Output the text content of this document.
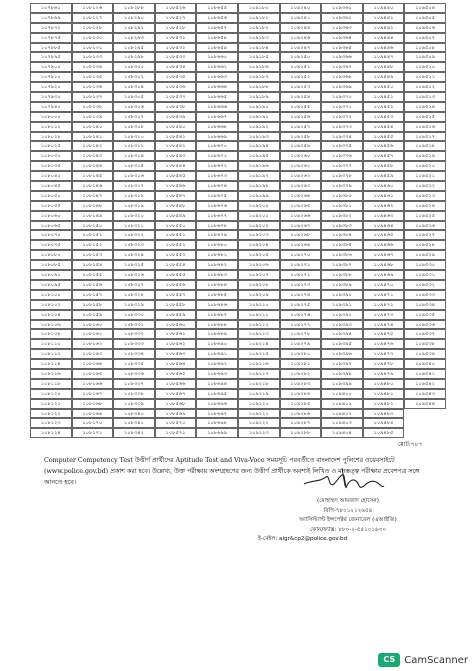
১০৭৮৬১	১০৮১২৬	১০৮২৮৮	১০৮৫২৬	১০৮৬৫৫	১০৯১৮০	১০৯২৪০	১০৯৩৬১	১০৯৪৪০	১০৯৫০৪
১০৭৮৬৯	১০৮১২৭	১০৮২৯০	১০৮৫২৭	১০৮৬৫৬	১০৯১৮১	১০৯২৪১	১০৯৩৬২	১০৯৪৪১	১০৯৫০৫
১০৭৮৭২	১০৮১২৮	১০৮২৯১	১০৮৫২৮	১০৮৬৫৭	১০৯১৮২	১০৯২৪৪	১০৯৩৬৩	১০৯৪৪২	১০৯৫০৬
১০৭৮৭৫	১০৮১৩০	১০৮২৯৩	১০৮৫৩১	১০৮৬৫৮	১০৯১৮৩	১০৯২৪৬	১০৯৩৬৪	১০৯৪৪৪	১০৯৫০৭
১০৭৮৮৫	১০৮১৩১	১০৮২৯৫	১০৮৫৩২	১০৮৬৫৯	১০৯১৮৪	১০৯২৪৭	১০৯৩৬৫	১০৯৪৪৬	১০৯৫০৮
১০৭৮৯৫	১০৮১৩৩	১০৮২৯৮	১০৮৫৩৩	১০৮৬৬০	১০৯১৮৫	১০৯২৫০	১০৯৩৬৬	১০৯৪৪৭	১০৯৫০৯
১০৭৯০০	১০৮১৩৪	১০৮৩০০	১০৮৫৩৪	১০৮৬৬২	১০৯১৮৬	১০৯২৫১	১০৯৩৬৭	১০৯৪৪৮	১০৯৫১০
১০৭৯১০	১০৮১৩৫	১০৮৩০২	১০৮৫৩৫	১০৮৬৬৩	১০৯১৮৭	১০৯২৫২	১০৯৩৬৮	১০৯৪৪৯	১০৯৫১১
১০৭৯২০	১০৮১৩৬	১০৮৩০৪	১০৮৫৩৬	১০৮৬৬৪	১০৯১৮৮	১০৯২৫৩	১০৯৩৬৯	১০৯৪৫০	১০৯৫১২
১০৭৯৩০	১০৮১৩৭	১০৮৩০৫	১০৮৫৩৭	১০৮৬৬৫	১০৯১৮৯	১০৯২৫৪	১০৯৩৭০	১০৯৪৫১	১০৯৫১৩
১০৭৯৪০	১০৮১৩৮	১০৮৩০৬	১০৮৫৩৮	১০৮৬৬৬	১০৯১৯০	১০৯২৫৫	১০৯৩৭১	১০৯৪৫২	১০৯৫১৪
১০৮০০০	১০৮১৩৯	১০৮৩০৭	১০৮৫৩৯	১০৮৬৬৭	১০৯১৯১	১০৯২৫৬	১০৯৩৭২	১০৯৪৫৩	১০৯৫১৫
১০৮০১২	১০৮১৪০	১০৮৩০৮	১০৮৫৪০	১০৮৬৬৮	১০৯১৯২	১০৯২৫৭	১০৯৩৭৩	১০৯৪৫৪	১০৯৫১৬
১০৮০১৮	১০৮১৪১	১০৮৩১০	১০৮৫৪১	১০৮৬৬৯	১০৯১৯৩	১০৯২৫৮	১০৯৩৭৪	১০৯৪৫৫	১০৯৫১৭
১০৮০২৫	১০৮১৪২	১০৮৩১২	১০৮৫৪২	১০৮৬৭০	১০৯১৯৪	১০৯২৫৯	১০৯৩৭৫	১০৯৪৫৬	১০৯৫১৮
১০৮০৩০	১০৮১৪৩	১০৮৩১৪	১০৮৫৪৩	১০৮৬৭১	১০৯১৯৫	১০৯২৬০	১০৯৩৭৬	১০৯৪৫৭	১০৯৫১৯
১০৮০৩৫	১০৮১৪৪	১০৮৩১৫	১০৮৫৪৪	১০৮৬৭২	১০৯১৯৬	১০৯২৬১	১০৯৩৭৭	১০৯৪৫৮	১০৯৫২০
১০৮০৪০	১০৮১৪৫	১০৮৩১৬	১০৮৫৪৫	১০৮৬৭৩	১০৯১৯৭	১০৯২৬২	১০৯৩৭৮	১০৯৪৫৯	১০৯৫২১
১০৮০৪৫	১০৮১৪৬	১০৮৩১৭	১০৮৫৪৬	১০৮৬৭৪	১০৯১৯৮	১০৯২৬৩	১০৯৩৭৯	১০৯৪৬০	১০৯৫২২
১০৮০৫০	১০৮১৪৭	১০৮৩১৮	১০৮৫৪৭	১০৮৬৭৫	১০৯১৯৯	১০৯২৬৪	১০৯৩৮০	১০৯৪৬১	১০৯৫২৩
১০৮০৫৫	১০৮১৪৮	১০৮৩১৯	১০৮৫৪৮	১০৮৬৭৬	১০৯২০০	১০৯২৬৫	১০৯৩৮১	১০৯৪৬২	১০৯৫২৪
১০৮০৬০	১০৮১৪৯	১০৮৩২০	১০৮৫৪৯	১০৮৬৭৭	১০৯২০১	১০৯২৬৬	১০৯৩৮২	১০৯৪৬৩	১০৯৫২৫
১০৮০৬৫	১০৮১৫০	১০৮৩২১	১০৮৫৫০	১০৮৬৭৮	১০৯২০২	১০৯২৬৭	১০৯৩৮৩	১০৯৪৬৪	১০৯৫২৬
১০৮০৭০	১০৮১৫১	১০৮৩২২	১০৮৫৫১	১০৮৬৭৯	১০৯২০৩	১০৯২৬৮	১০৯৩৮৪	১০৯৪৬৫	১০৯৫২৭
১০৮০৭৫	১০৮১৫২	১০৮৩২৩	১০৮৫৫২	১০৮৬৮০	১০৯২০৪	১০৯২৬৯	১০৯৩৮৫	১০৯৪৬৬	১০৯৫২৮
১০৮০৮০	১০৮১৫৩	১০৮৩২৪	১০৮৫৫৩	১০৮৬৮১	১০৯২০৫	১০৯২৭০	১০৯৩৮৬	১০৯৪৬৭	১০৯৫২৯
১০৮০৮৫	১০৮১৫৪	১০৮৩২৫	১০৮৫৫৪	১০৮৬৮২	১০৯২০৬	১০৯২৭১	১০৯৩৮৭	১০৯৪৬৮	১০৯৫৩০
১০৮০৯০	১০৮১৫৫	১০৮৩২৬	১০৮৫৫৫	১০৮৬৮৩	১০৯২০৭	১০৯২৭২	১০৯৩৮৮	১০৯৪৬৯	১০৯৫৩১
১০৮০৯৫	১০৮১৫৬	১০৮৩২৭	১০৮৫৫৬	১০৮৬৮৪	১০৯২০৮	১০৯২৭৩	১০৯৩৮৯	১০৯৪৭০	১০৯৫৩২
১০৮১০০	১০৮১৫৭	১০৮৩২৮	১০৮৫৫৭	১০৮৬৮৫	১০৯২০৯	১০৯২৭৪	১০৯৩৯০	১০৯৪৭১	১০৯৫৩৩
১০৮১০২	১০৮১৫৮	১০৮৩২৯	১০৮৫৫৮	১০৮৬৮৬	১০৯২১০	১০৯২৭৫	১০৯৩৯১	১০৯৪৭২	১০৯৫৩৪
১০৮১০৪	১০৮১৫৯	১০৮৩৩০	১০৮৫৫৯	১০৮৬৮৭	১০৯২১১	১০৯২৭৬	১০৯৩৯২	১০৯৪৭৩	১০৯৫৩৫
১০৮১০৬	১০৮১৬০	১০৮৩৩১	১০৮৫৬০	১০৮৬৮৮	১০৯২১২	১০৯২৭৭	১০৯৩৯৩	১০৯৪৭৪	১০৯৫৩৬
১০৮১০৮	১০৮১৬১	১০৮৩৩২	১০৮৫৬১	১০৮৬৮৯	১০৯২১৩	১০৯২৭৮	১০৯৩৯৪	১০৯৪৭৫	১০৯৫৩৭
১০৮১১০	১০৮১৬২	১০৮৩৩৩	১০৮৫৬২	১০৮৬৯০	১০৯২১৪	১০৯২৭৯	১০৯৩৯৫	১০৯৪৭৬	১০৯৫৩৮
১০৮১১২	১০৮১৬৩	১০৮৩৩৪	১০৮৫৬৩	১০৮৬৯১	১০৯২১৫	১০৯২৮০	১০৯৩৯৬	১০৯৪৭৭	১০৯৫৩৯
১০৮১১৪	১০৮১৬৪	১০৮৩৩৫	১০৮৫৬৪	১০৮৬৯২	১০৯২১৬	১০৯২৮১	১০৯৩৯৭	১০৯৪৭৮	১০৯৫৪০
১০৮১১৬	১০৮১৬৫	১০৮৩৩৬	১০৮৫৬৫	১০৮৬৯৩	১০৯২১৭	১০৯২৮২	১০৯৩৯৮	১০৯৪৭৯	১০৯৫৪১
১০৮১১৮	১০৮১৬৬	১০৮৩৩৭	১০৮৫৬৬	১০৮৬৯৪	১০৯২১৮	১০৯২৮৩	১০৯৩৯৯	১০৯৪৮০	১০৯৫৪২
১০৮১২০	১০৮১৬৭	১০৮৩৩৮	১০৮৫৬৭	১০৮৬৯৫	১০৯২১৯	১০৯২৮৪	১০৯৪০০	১০৯৪৮১	১০৯৫৪৩
১০৮১২১	১০৮১৬৮	১০৮৩৩৯	১০৮৫৬৮	১০৮৬৯৬	১০৯২২০	১০৯২৮৫	১০৯৪০১	১০৯৪৮২	১০৯৫৪৪
১০৮১২২	১০৮১৬৯	১০৮৩৪০	১০৮৫৬৯	১০৮৬৯৭	১০৯২২১	১০৯২৮৬	১০৯৪০২	১০৯৪৮৩
১০৮১২৩	১০৮১৭০	১০৮৩৪১	১০৮৫৭০	১০৮৬৯৮	১০৯২২২	১০৯২৮৭	১০৯৪০৩	১০৯৪৮৪
১০৮১২৪	১০৮১৭১	১০৮৩৪২	১০৮৫৭১	১০৮৬৯৯	১০৯২২৩	১০৯২৮৮	১০৯৪০৪	১০৯৪৮৫
মোট:৭৮৭

Computer Competency Test উত্তীর্ণ প্রার্থীদের Aptitude Test and Viva-Voce সময়সূচি পরবর্তীতে বাংলাদেশ পুলিশের ওয়েবসাইটে

(www.police.gov.bd) প্রকাশ করা হবে। উল্লেখ্য, উক্ত পরীক্ষায় অংশগ্রহণের জন্য উত্তীর্ণ প্রার্থীকে অবশ্যই লিখিত ও মনস্তত্ত্ব পরীক্ষার প্রবেশপত্র সঙ্গে

আনতে হবে।

(মোহাম্মদ আমজাদ হোসেন)
বিপি-৭৮০১২১২৬৫৪
অ্যাসিস্ট্যান্ট ইন্সপেক্টর জেনারেল (এআইজি)
ফোন/ফ্যাক্স: ৮৮০-২-৫৫১০১৬৩০
ই-মেইল: aigr&cp2@police.gov.bd
CS CamScanner
